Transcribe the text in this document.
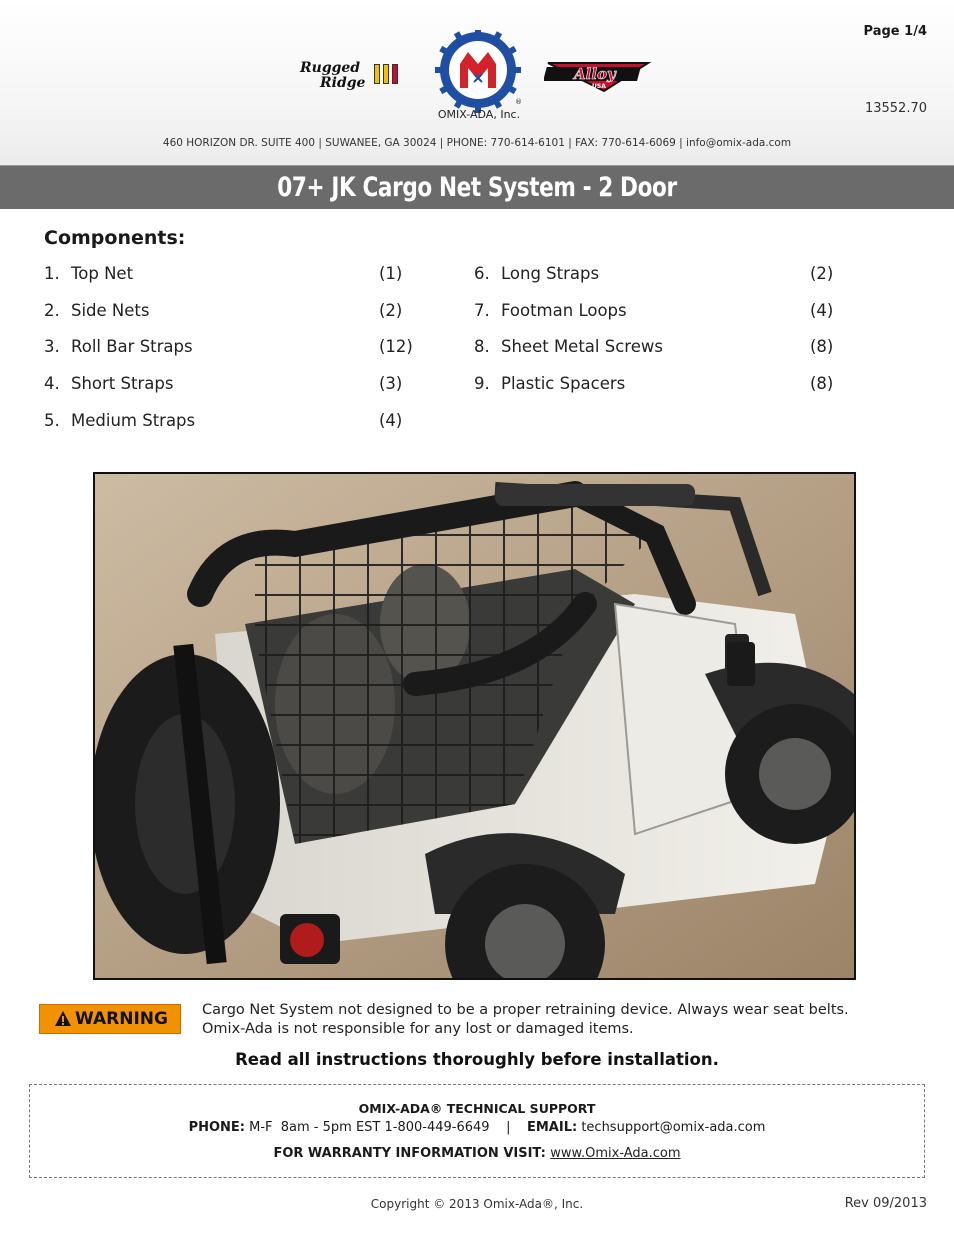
Page 1/4
13552.70
Rugged
Ridge
®
OMIX-ADA, Inc.
Alloy
USA
460 HORIZON DR. SUITE 400 | SUWANEE, GA 30024 | PHONE: 770-614-6101 | FAX: 770-614-6069 | info@omix-ada.com
07+ JK Cargo Net System - 2 Door
Components:
1. Top Net	(1)
2. Side Nets	(2)
3. Roll Bar Straps	(12)
4. Short Straps	(3)
5. Medium Straps	(4)
6. Long Straps	(2)
7. Footman Loops	(4)
8. Sheet Metal Screws	(8)
9. Plastic Spacers	(8)
WARNING Cargo Net System not designed to be a proper retraining device. Always wear seat belts. Omix-Ada is not responsible for any lost or damaged items.
Read all instructions thoroughly before installation.
OMIX-ADA® TECHNICAL SUPPORT
PHONE: M-F  8am - 5pm EST 1-800-449-6649    |    EMAIL: techsupport@omix-ada.com
FOR WARRANTY INFORMATION VISIT: www.Omix-Ada.com
Copyright © 2013 Omix-Ada®, Inc.	Rev 09/2013
